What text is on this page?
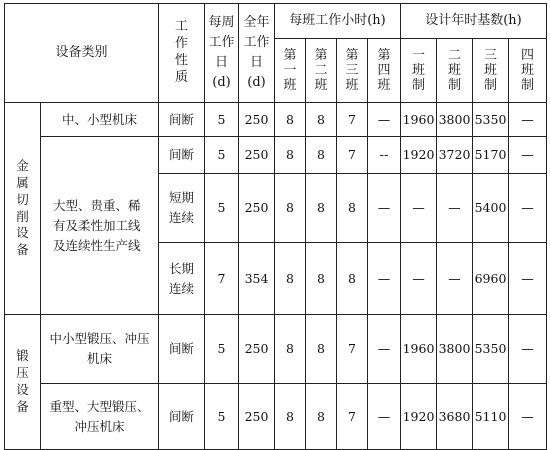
设备类别		工作性质	每周工作日(d)	全年工作日(d)	每班工作小时(h)				设计年时基数(h)			

					第一班	第二班	第三班	第四班	一班制	二班制	三班制	四班制

金属切削设备	中、小型机床	间断	5	250	8	8	7	—	1960	3800	5350	—

	大型、贵重、稀有及柔性加工线及连续性生产线	间断	5	250	8	8	7	--	1920	3720	5170	—

		短期连续	5	250	8	8	8	—	—	—	5400	—

		长期连续	7	354	8	8	8	—	—	—	6960	—

锻压设备	中小型锻压、冲压机床	间断	5	250	8	8	7	—	1960	3800	5350	—

	重型、大型锻压、冲压机床	间断	5	250	8	8	7	—	1920	3680	5110	—
